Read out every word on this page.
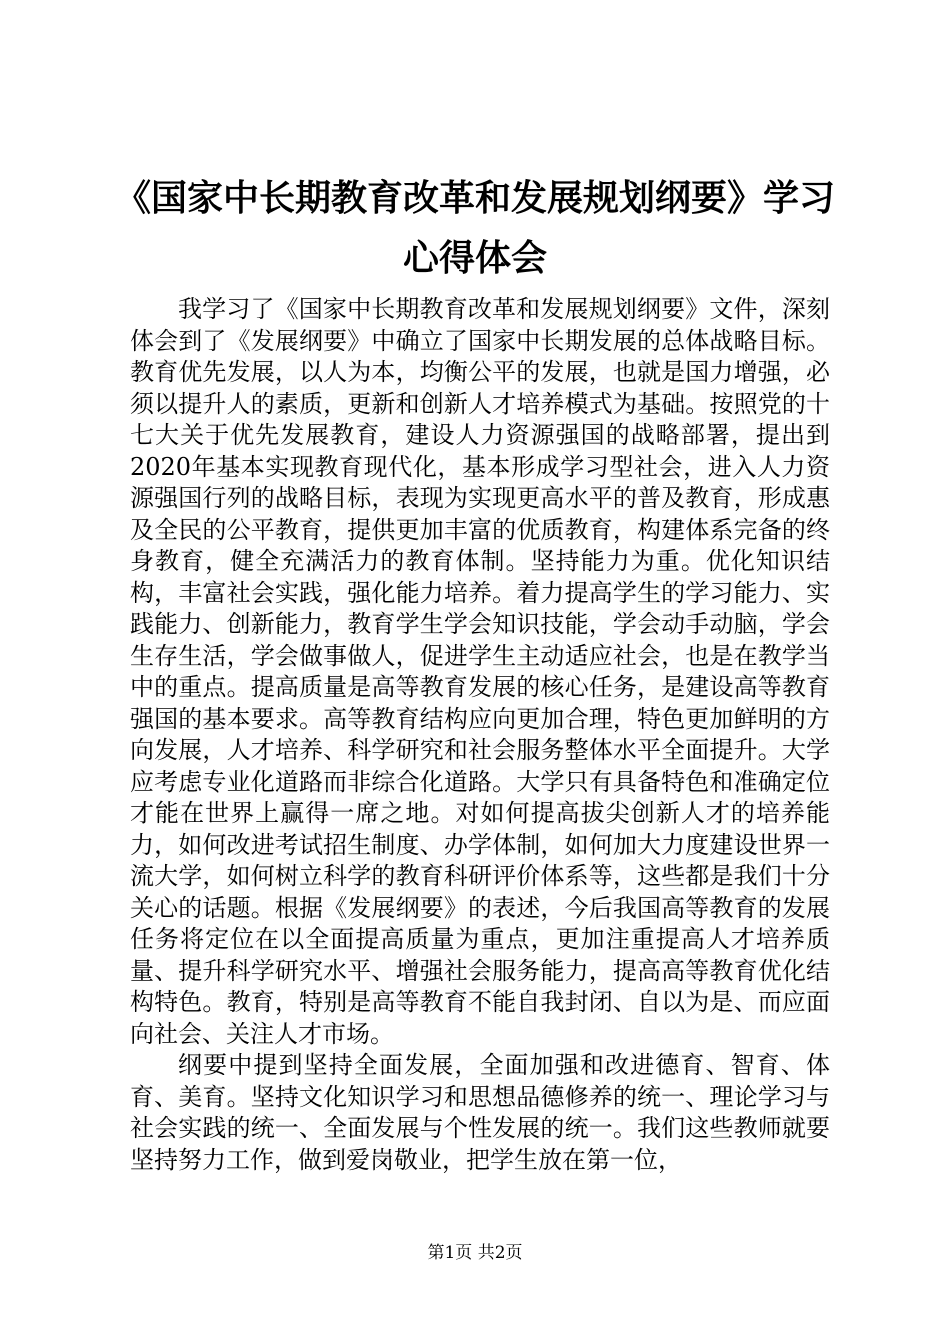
《国家中长期教育改革和发展规划纲要》学习心得体会

我学习了《国家中长期教育改革和发展规划纲要》文件，深刻体会到了《发展纲要》中确立了国家中长期发展的总体战略目标。教育优先发展，以人为本，均衡公平的发展，也就是国力增强，必须以提升人的素质，更新和创新人才培养模式为基础。按照党的十七大关于优先发展教育，建设人力资源强国的战略部署，提出到2020年基本实现教育现代化，基本形成学习型社会，进入人力资源强国行列的战略目标，表现为实现更高水平的普及教育，形成惠及全民的公平教育，提供更加丰富的优质教育，构建体系完备的终身教育，健全充满活力的教育体制。坚持能力为重。优化知识结构，丰富社会实践，强化能力培养。着力提高学生的学习能力、实践能力、创新能力，教育学生学会知识技能，学会动手动脑，学会生存生活，学会做事做人，促进学生主动适应社会，也是在教学当中的重点。提高质量是高等教育发展的核心任务，是建设高等教育强国的基本要求。高等教育结构应向更加合理，特色更加鲜明的方向发展，人才培养、科学研究和社会服务整体水平全面提升。大学应考虑专业化道路而非综合化道路。大学只有具备特色和准确定位才能在世界上赢得一席之地。对如何提高拔尖创新人才的培养能力，如何改进考试招生制度、办学体制，如何加大力度建设世界一流大学，如何树立科学的教育科研评价体系等，这些都是我们十分关心的话题。根据《发展纲要》的表述，今后我国高等教育的发展任务将定位在以全面提高质量为重点，更加注重提高人才培养质量、提升科学研究水平、增强社会服务能力，提高高等教育优化结构特色。教育，特别是高等教育不能自我封闭、自以为是、而应面向社会、关注人才市场。

纲要中提到坚持全面发展，全面加强和改进德育、智育、体育、美育。坚持文化知识学习和思想品德修养的统一、理论学习与社会实践的统一、全面发展与个性发展的统一。我们这些教师就要坚持努力工作，做到爱岗敬业，把学生放在第一位，

第1页 共2页
